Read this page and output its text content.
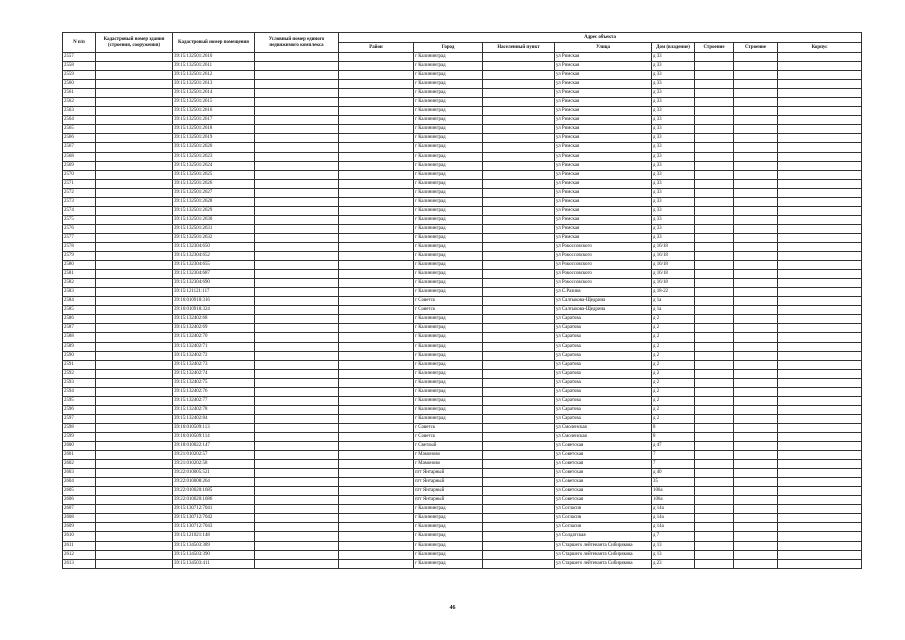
N п/п	Кадастровый номер здания (строения, сооружения)	Кадастровый номер помещения	Условный номер единого недвижимого комплекса	Адрес объекта							
				Район	Город	Населенный пункт	Улица	Дом (владение)	Строение	Строение	Корпус
2557		39:15:132501:2610			г Калининград		ул Римская	д 33			
2558		39:15:132501:2611			г Калининград		ул Римская	д 33			
2559		39:15:132501:2612			г Калининград		ул Римская	д 33			
2560		39:15:132501:2613			г Калининград		ул Римская	д 33			
2561		39:15:132501:2614			г Калининград		ул Римская	д 33			
2562		39:15:132501:2615			г Калининград		ул Римская	д 33			
2563		39:15:132501:2616			г Калининград		ул Римская	д 33			
2564		39:15:132501:2617			г Калининград		ул Римская	д 33			
2565		39:15:132501:2618			г Калининград		ул Римская	д 33			
2566		39:15:132501:2619			г Калининград		ул Римская	д 33			
2567		39:15:132501:2620			г Калининград		ул Римская	д 33			
2568		39:15:132501:2623			г Калининград		ул Римская	д 33			
2569		39:15:132501:2624			г Калининград		ул Римская	д 33			
2570		39:15:132501:2625			г Калининград		ул Римская	д 33			
2571		39:15:132501:2626			г Калининград		ул Римская	д 33			
2572		39:15:132501:2627			г Калининград		ул Римская	д 33			
2573		39:15:132501:2628			г Калининград		ул Римская	д 33			
2574		39:15:132501:2629			г Калининград		ул Римская	д 33			
2575		39:15:132501:2630			г Калининград		ул Римская	д 33			
2576		39:15:132501:2631			г Калининград		ул Римская	д 33			
2577		39:15:132501:2632			г Калининград		ул Римская	д 33			
2578		39:15:132304:650			г Калининград		ул Рокоссовского	д 16/18			
2579		39:15:132304:652			г Калининград		ул Рокоссовского	д 16/18			
2580		39:15:132304:655			г Калининград		ул Рокоссовского	д 16/18			
2581		39:15:132304:687			г Калининград		ул Рокоссовского	д 16/18			
2582		39:15:132304:690			г Калининград		ул Рокоссовского	д 16/18			
2583		39:15:121121:117			г Калининград		ул С.Разина	д 18-22			
2584		39:16:010918:316			г Советск		ул Салтыкова-Щедрина	д 1а			
2585		39:16:010918:324			г Советск		ул Салтыкова-Щедрина	д 1а			
2586		39:15:132402:68			г Калининград		ул Саратова	д 2			
2587		39:15:132402:69			г Калининград		ул Саратова	д 2			
2588		39:15:132402:70			г Калининград		ул Саратова	д 2			
2589		39:15:132402:71			г Калининград		ул Саратова	д 2			
2590		39:15:132402:72			г Калининград		ул Саратова	д 2			
2591		39:15:132402:73			г Калининград		ул Саратова	д 2			
2592		39:15:132402:74			г Калининград		ул Саратова	д 2			
2593		39:15:132402:75			г Калининград		ул Саратова	д 2			
2594		39:15:132402:76			г Калининград		ул Саратова	д 2			
2595		39:15:132402:77			г Калининград		ул Саратова	д 2			
2596		39:15:132402:78			г Калининград		ул Саратова	д 2			
2597		39:15:132402:84			г Калининград		ул Саратова	д 2			
2598		39:16:010509:113			г Советск		ул Смоленская	8			
2599		39:16:010509:114			г Советск		ул Смоленская	8			
2600		39:18:010022:147			г Светлый		ул Советская	д 47			
2601		39:21:010202:57			г Мамоново		ул Советская	7			
2602		39:21:010202:58			г Мамоново		ул Советская	7			
2603		39:22:010005:521			пгт Янтарный		ул Советская	д 40			
2604		39:22:010008:264			пгт Янтарный		ул Советская	35			
2605		39:22:010020:1685			пгт Янтарный		ул Советская	106а			
2606		39:22:010020:1686			пгт Янтарный		ул Советская	106а			
2607		39:15:130712:7041			г Калининград		ул Согласия	д 14а			
2608		39:15:130712:7042			г Калининград		ул Согласия	д 14а			
2609		39:15:130712:7043			г Калининград		ул Согласия	д 14а			
2610		39:15:121021:148			г Калининград		ул Солдатская	д 7			
2611		39:15:134503:389			г Калининград		ул Старшего лейтенанта Сибирякова	д 13			
2612		39:15:134503:390			г Калининград		ул Старшего лейтенанта Сибирякова	д 13			
2613		39:15:134503:411			г Калининград		ул Старшего лейтенанта Сибирякова	д 23			
46
